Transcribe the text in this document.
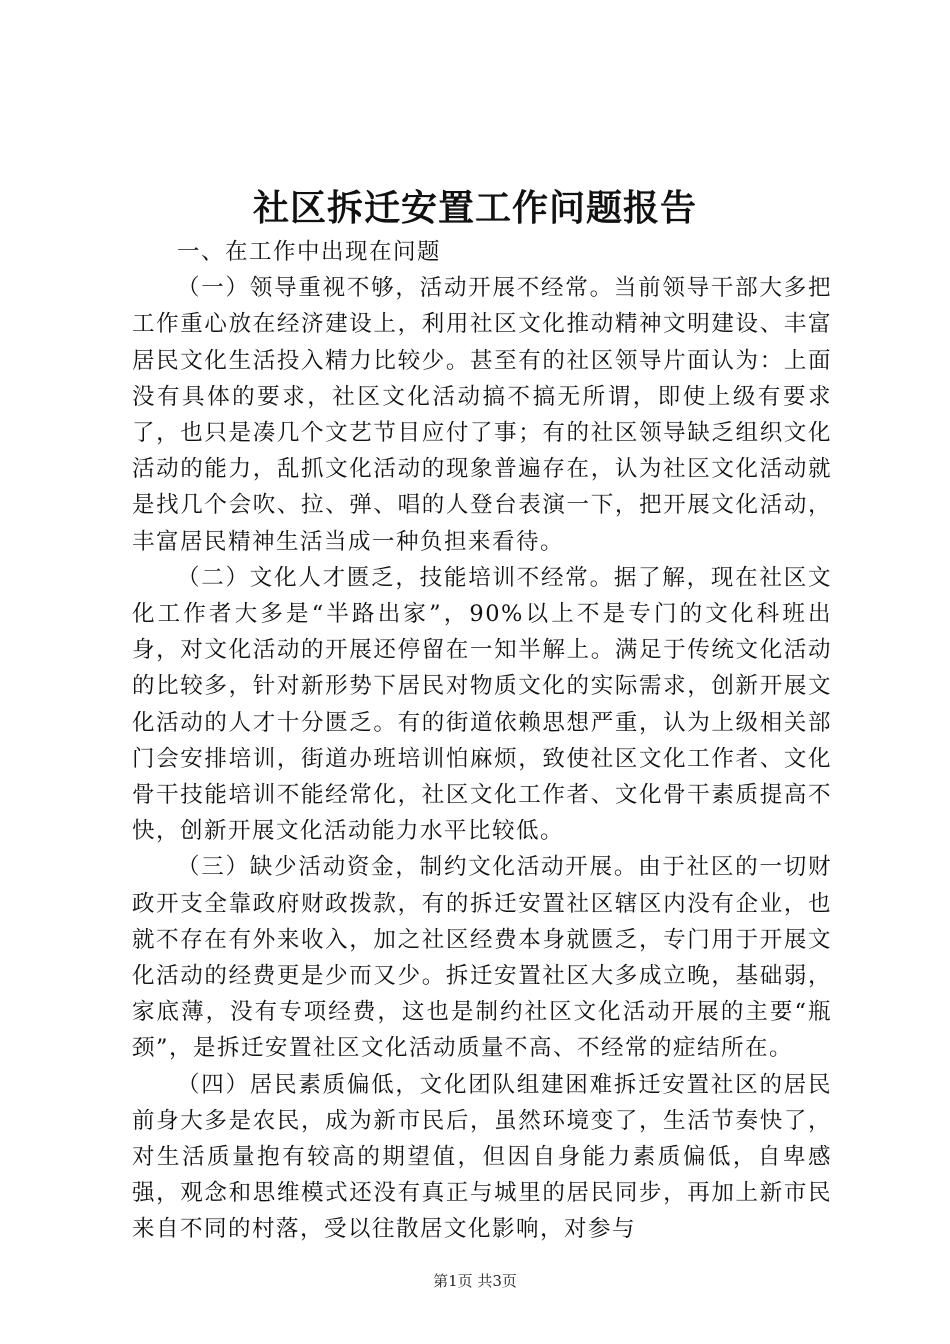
社区拆迁安置工作问题报告

一、在工作中出现在问题

（一）领导重视不够，活动开展不经常。当前领导干部大多把工作重心放在经济建设上，利用社区文化推动精神文明建设、丰富居民文化生活投入精力比较少。甚至有的社区领导片面认为：上面没有具体的要求，社区文化活动搞不搞无所谓，即使上级有要求了，也只是凑几个文艺节目应付了事；有的社区领导缺乏组织文化活动的能力，乱抓文化活动的现象普遍存在，认为社区文化活动就是找几个会吹、拉、弹、唱的人登台表演一下，把开展文化活动，丰富居民精神生活当成一种负担来看待。

（二）文化人才匮乏，技能培训不经常。据了解，现在社区文化工作者大多是“半路出家”，90%以上不是专门的文化科班出身，对文化活动的开展还停留在一知半解上。满足于传统文化活动的比较多，针对新形势下居民对物质文化的实际需求，创新开展文化活动的人才十分匮乏。有的街道依赖思想严重，认为上级相关部门会安排培训，街道办班培训怕麻烦，致使社区文化工作者、文化骨干技能培训不能经常化，社区文化工作者、文化骨干素质提高不快，创新开展文化活动能力水平比较低。

（三）缺少活动资金，制约文化活动开展。由于社区的一切财政开支全靠政府财政拨款，有的拆迁安置社区辖区内没有企业，也就不存在有外来收入，加之社区经费本身就匮乏，专门用于开展文化活动的经费更是少而又少。拆迁安置社区大多成立晚，基础弱，家底薄，没有专项经费，这也是制约社区文化活动开展的主要“瓶颈”，是拆迁安置社区文化活动质量不高、不经常的症结所在。

（四）居民素质偏低，文化团队组建困难拆迁安置社区的居民前身大多是农民，成为新市民后，虽然环境变了，生活节奏快了，对生活质量抱有较高的期望值，但因自身能力素质偏低，自卑感强，观念和思维模式还没有真正与城里的居民同步，再加上新市民来自不同的村落，受以往散居文化影响，对参与

第1页 共3页
